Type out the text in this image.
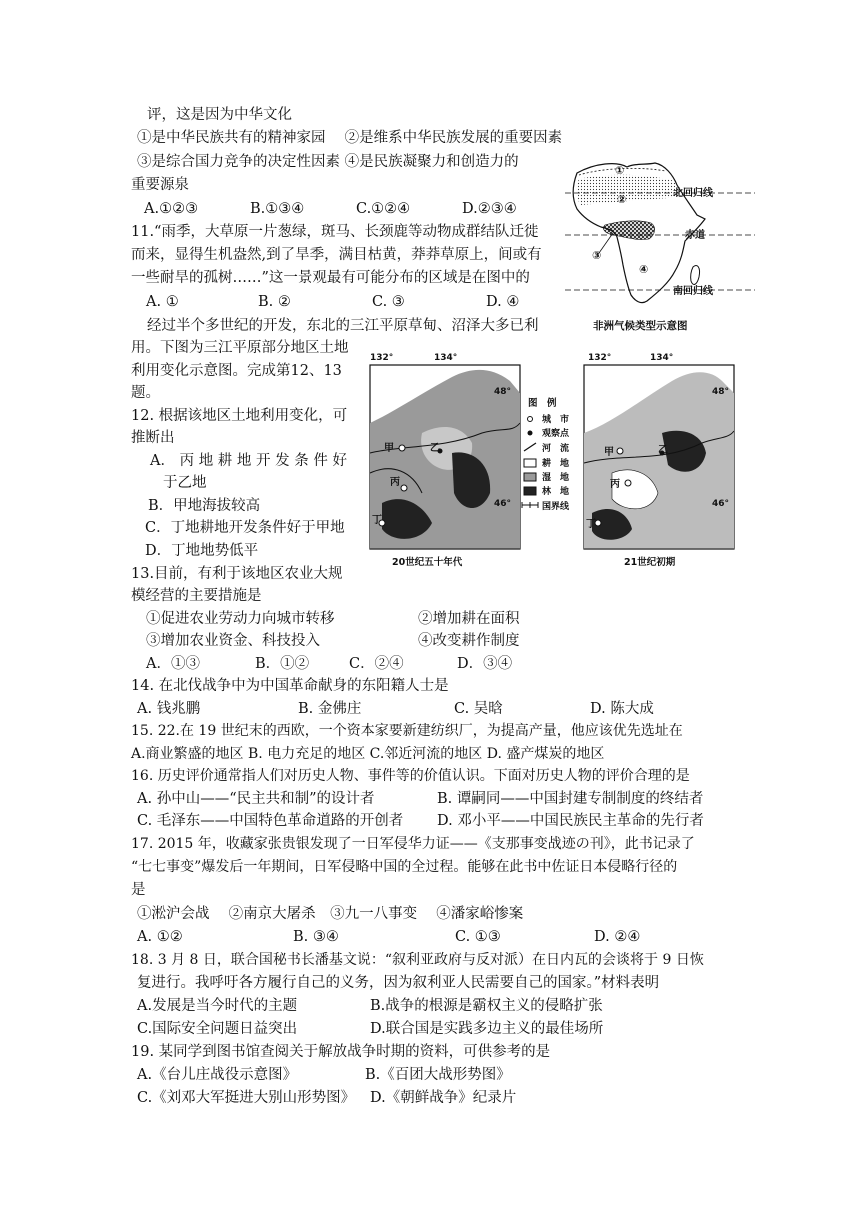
评，这是因为中华文化
①是中华民族共有的精神家园　 ②是维系中华民族发展的重要因素
③是综合国力竞争的决定性因素 ④是民族凝聚力和创造力的
重要源泉
A.①②③	B.①③④	C.①②④	D.②③④
11.“雨季，大草原一片葱绿，斑马、长颈鹿等动物成群结队迁徙
而来，显得生机盎然,到了旱季，满目枯黄，莽莽草原上，间或有
一些耐旱的孤树……”这一景观最有可能分布的区域是在图中的
A. ①	B. ②	C. ③	D. ④
经过半个多世纪的开发，东北的三江平原草甸、沼泽大多已利
用。下图为三江平原部分地区土地
利用变化示意图。完成第12、13
题。
12. 根据该地区土地利用变化，可
推断出
A． 丙 地 耕 地 开 发 条 件 好
于乙地
B．甲地海拔较高
C．丁地耕地开发条件好于甲地
D．丁地地势低平
13.目前，有利于该地区农业大规
模经营的主要措施是
①促进农业劳动力向城市转移	②增加耕在面积
③增加农业资金、科技投入	④改变耕作制度
A．①③	B．①②	C．②④	D．③④
14. 在北伐战争中为中国革命献身的东阳籍人士是
A. 钱兆鹏	B. 金佛庄	C. 吴晗	D. 陈大成
15. 22.在 19 世纪末的西欧，一个资本家要新建纺织厂，为提高产量，他应该优先选址在
A.商业繁盛的地区 B. 电力充足的地区 C.邻近河流的地区 D. 盛产煤炭的地区
16. 历史评价通常指人们对历史人物、事件等的价值认识。下面对历史人物的评价合理的是
A. 孙中山——“民主共和制”的设计者	B. 谭嗣同——中国封建专制制度的终结者
C. 毛泽东——中国特色革命道路的开创者 D. 邓小平——中国民族民主革命的先行者
17. 2015 年，收藏家张贵银发现了一日军侵华力证——《支那事变战迹の刊》，此书记录了
“七七事变”爆发后一年期间，日军侵略中国的全过程。能够在此书中佐证日本侵略行径的
是
①淞沪会战　 ②南京大屠杀　③九一八事变　 ④潘家峪惨案
A. ①②	B. ③④	C. ①③	D. ②④
18. 3 月 8 日，联合国秘书长潘基文说：“叙利亚政府与反对派）在日内瓦的会谈将于 9 日恢
复进行。我呼吁各方履行自己的义务，因为叙利亚人民需要自己的国家。”材料表明
A.发展是当今时代的主题	B.战争的根源是霸权主义的侵略扩张
C.国际安全问题日益突出	D.联合国是实践多边主义的最佳场所
19. 某同学到图书馆查阅关于解放战争时期的资料，可供参考的是
A.《台儿庄战役示意图》	B.《百团大战形势图》
C.《刘邓大军挺进大别山形势图》 D.《朝鲜战争》纪录片
北回归线
赤道
南回归线
①
②
③
④
非洲气候类型示意图
132°	134°
48°
46°
132°	134°
48°
46°
甲	乙
丙
丁
甲	乙
丙
丁
图　例
城　市
观察点
河　流
耕　地
湿　地
林　地
国界线
20世纪五十年代	21世纪初期
